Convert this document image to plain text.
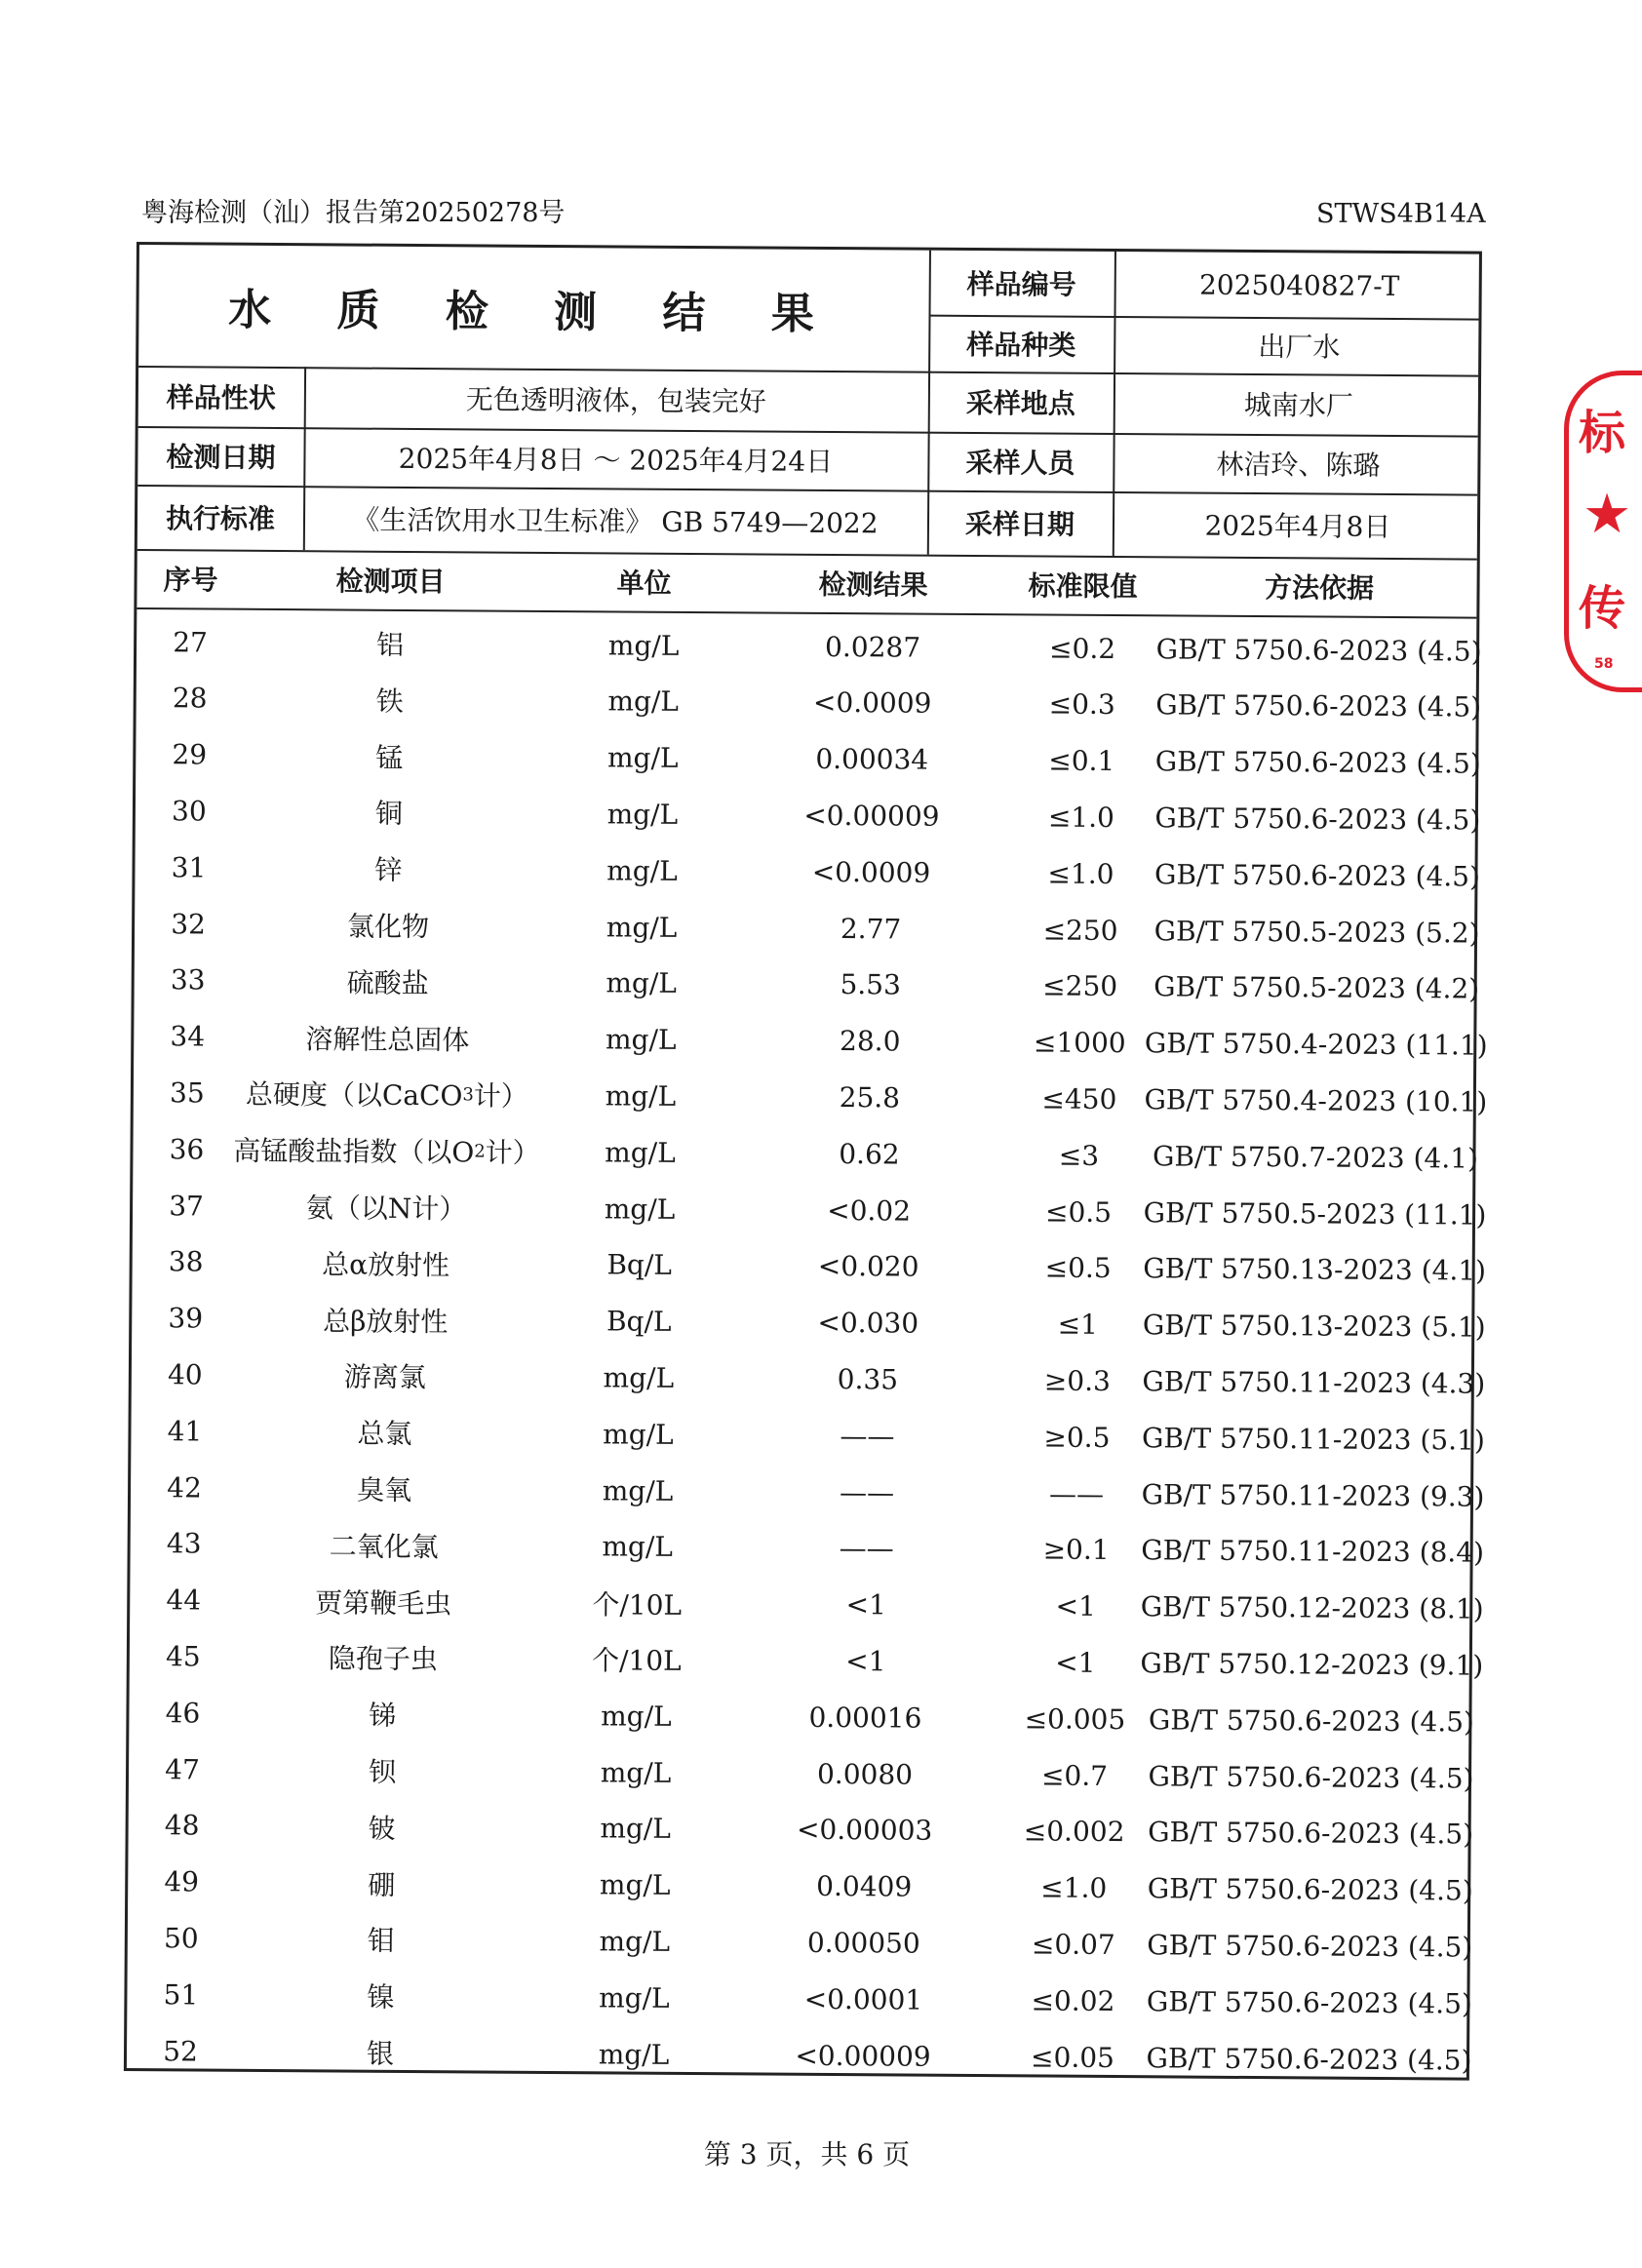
粤海检测（汕）报告第20250278号	STWS4B14A
水 质 检 测 结 果
样品编号	2025040827-T
样品种类	出厂水
样品性状	无色透明液体，包装完好	采样地点	城南水厂
检测日期	2025年4月8日 ～ 2025年4月24日	采样人员	林洁玲、陈璐
执行标准	《生活饮用水卫生标准》 GB 5749—2022	采样日期	2025年4月8日
序号	检测项目	单位	检测结果	标准限值	方法依据
27	铝	mg/L	0.0287	≤0.2	GB/T 5750.6-2023 (4.5)
28	铁	mg/L	<0.0009	≤0.3	GB/T 5750.6-2023 (4.5)
29	锰	mg/L	0.00034	≤0.1	GB/T 5750.6-2023 (4.5)
30	铜	mg/L	<0.00009	≤1.0	GB/T 5750.6-2023 (4.5)
31	锌	mg/L	<0.0009	≤1.0	GB/T 5750.6-2023 (4.5)
32	氯化物	mg/L	2.77	≤250	GB/T 5750.5-2023 (5.2)
33	硫酸盐	mg/L	5.53	≤250	GB/T 5750.5-2023 (4.2)
34	溶解性总固体	mg/L	28.0	≤1000 GB/T 5750.4-2023 (11.1)
35	总硬度（以CaCO 3 计）	mg/L	25.8	≤450 GB/T 5750.4-2023 (10.1)
36	高锰酸盐指数（以O 2 计）	mg/L	0.62	≤3	GB/T 5750.7-2023 (4.1)
37	氨（以N计）	mg/L	<0.02	≤0.5	GB/T 5750.5-2023 (11.1)
38	总α放射性	Bq/L	<0.020	≤0.5	GB/T 5750.13-2023 (4.1)
39	总β放射性	Bq/L	<0.030	≤1	GB/T 5750.13-2023 (5.1)
40	游离氯	mg/L	0.35	≥0.3	GB/T 5750.11-2023 (4.3)
41	总氯	mg/L	——	≥0.5	GB/T 5750.11-2023 (5.1)
42	臭氧	mg/L	——	——	GB/T 5750.11-2023 (9.3)
43	二氧化氯	mg/L	——	≥0.1	GB/T 5750.11-2023 (8.4)
44	贾第鞭毛虫	个/10L	<1	<1	GB/T 5750.12-2023 (8.1)
45	隐孢子虫	个/10L	<1	<1	GB/T 5750.12-2023 (9.1)
46	锑	mg/L	0.00016	≤0.005 GB/T 5750.6-2023 (4.5)
47	钡	mg/L	0.0080	≤0.7	GB/T 5750.6-2023 (4.5)
48	铍	mg/L	<0.00003	≤0.002 GB/T 5750.6-2023 (4.5)
49	硼	mg/L	0.0409	≤1.0	GB/T 5750.6-2023 (4.5)
50	钼	mg/L	0.00050	≤0.07	GB/T 5750.6-2023 (4.5)
51	镍	mg/L	<0.0001	≤0.02	GB/T 5750.6-2023 (4.5)
52	银	mg/L	<0.00009	≤0.05	GB/T 5750.6-2023 (4.5)
第 3 页，共 6 页
标
★
传
58
